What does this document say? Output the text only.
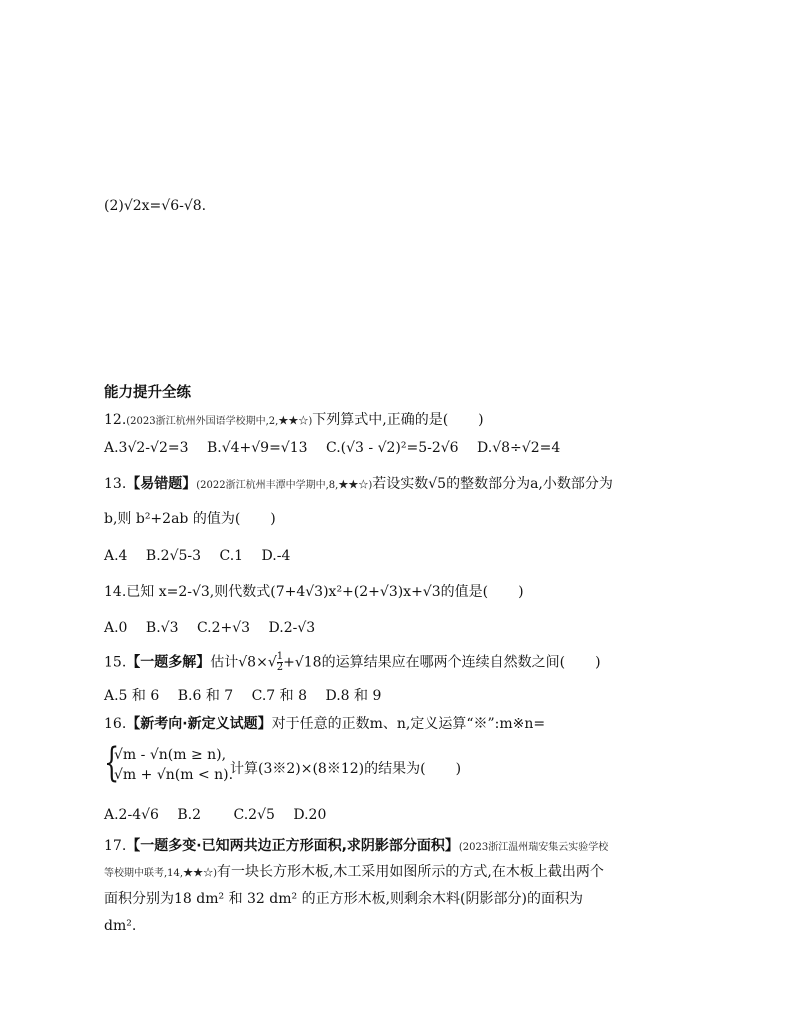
(2)√2x=√6-√8.
能力提升全练
12.(2023浙江杭州外国语学校期中,2,★★☆)下列算式中,正确的是( )
A.3√2-√2=3 B.√4+√9=√13 C.(√3 - √2)²=5-2√6 D.√8÷√2=4
13.【易错题】(2022浙江杭州丰潭中学期中,8,★★☆)若设实数√5的整数部分为a,小数部分为
b,则 b²+2ab 的值为( )
A.4 B.2√5-3 C.1 D.-4
14.已知 x=2-√3,则代数式(7+4√3)x²+(2+√3)x+√3的值是( )
A.0 B.√3 C.2+√3 D.2-√3
15.【一题多解】估计$√8\times√ \frac{1}{2} +√18$的运算结果应在哪两个连续自然数之间( )
A.5 和 6 B.6 和 7 C.7 和 8 D.8 和 9
16.【新考向·新定义试题】对于任意的正数m、n,定义运算“※”:m※n=
{
√m - √n(m ≥ n),
√m + √n(m < n).
计算(3※2)×(8※12)的结果为( )
A.2-4√6 B.2 C.2√5 D.20
17.【一题多变·已知两共边正方形面积,求阴影部分面积】(2023浙江温州瑞安集云实验学校
等校期中联考,14,★★☆)有一块长方形木板,木工采用如图所示的方式,在木板上截出两个
面积分别为18 dm² 和 32 dm² 的正方形木板,则剩余木料(阴影部分)的面积为
dm².
